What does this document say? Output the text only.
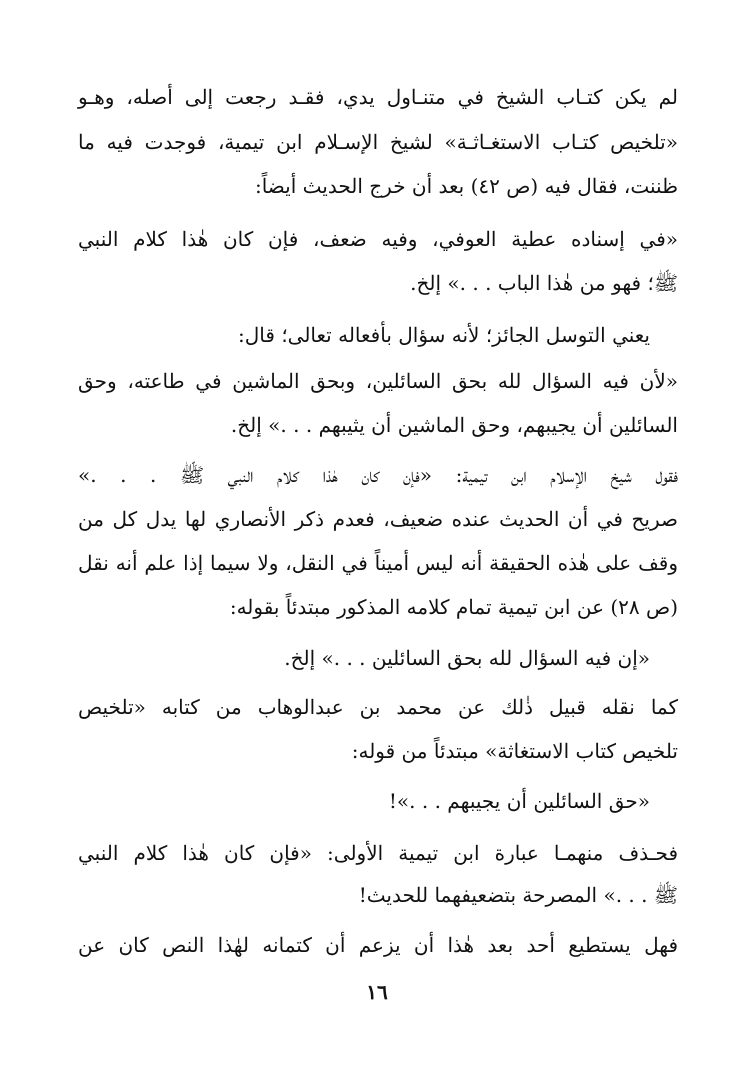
لم يكن كتـاب الشيخ في متنـاول يدي، فقـد رجعت إلى أصله، وهـو
«تلخيص كتـاب الاستغـاثـة» لشيخ الإسـلام ابن تيمية، فوجدت فيه ما
ظننت، فقال فيه (ص ٤٢) بعد أن خرج الحديث أيضاً:
«في إسناده عطية العوفي، وفيه ضعف، فإن كان هٰذا كلام النبي
ﷺ؛ فهو من هٰذا الباب . . .» إلخ.
يعني التوسل الجائز؛ لأنه سؤال بأفعاله تعالى؛ قال:
«لأن فيه السؤال لله بحق السائلين، وبحق الماشين في طاعته، وحق
السائلين أن يجيبهم، وحق الماشين أن يثيبهم . . .» إلخ.
فقول شيخ الإسلام ابن تيمية: «فإن كان هٰذا كلام النبي ﷺ . . .»
صريح في أن الحديث عنده ضعيف، فعدم ذكر الأنصاري لها يدل كل من
وقف على هٰذه الحقيقة أنه ليس أميناً في النقل، ولا سيما إذا علم أنه نقل
(ص ٢٨) عن ابن تيمية تمام كلامه المذكور مبتدئاً بقوله:
«إن فيه السؤال لله بحق السائلين . . .» إلخ.
كما نقله قبيل ذٰلك عن محمد بن عبدالوهاب من كتابه «تلخيص
تلخيص كتاب الاستغاثة» مبتدئاً من قوله:
«حق السائلين أن يجيبهم . . .»!
فحـذف منهمـا عبارة ابن تيمية الأولى: «فإن كان هٰذا كلام النبي
ﷺ . . .» المصرحة بتضعيفهما للحديث!
فهل يستطيع أحد بعد هٰذا أن يزعم أن كتمانه لهٰذا النص كان عن
١٦
